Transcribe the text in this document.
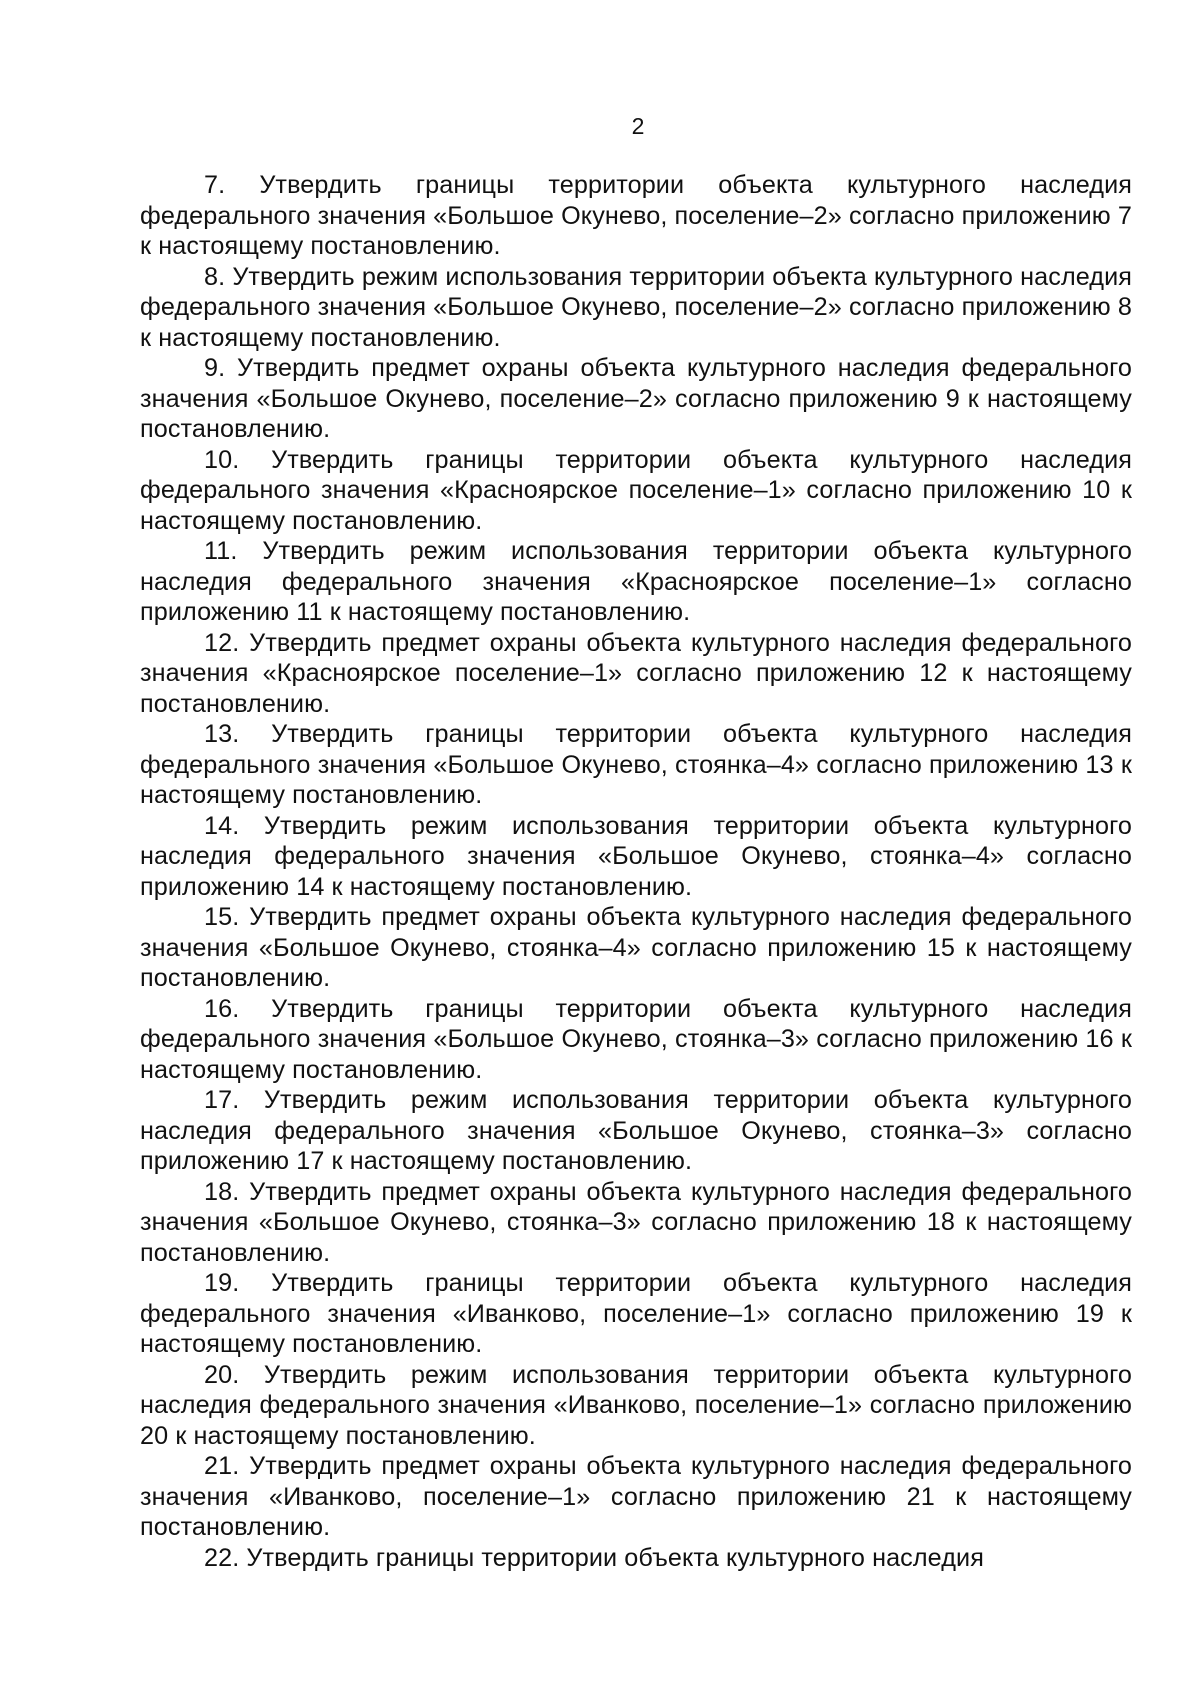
2

7. Утвердить границы территории объекта культурного наследия федерального значения «Большое Окунево, поселение–2» согласно приложению 7 к настоящему постановлению.

8. Утвердить режим использования территории объекта культурного наследия федерального значения «Большое Окунево, поселение–2» согласно приложению 8 к настоящему постановлению.

9. Утвердить предмет охраны объекта культурного наследия федерального значения «Большое Окунево, поселение–2» согласно приложению 9 к настоящему постановлению.

10. Утвердить границы территории объекта культурного наследия федерального значения «Красноярское поселение–1» согласно приложению 10 к настоящему постановлению.

11. Утвердить режим использования территории объекта культурного наследия федерального значения «Красноярское поселение–1» согласно приложению 11 к настоящему постановлению.

12. Утвердить предмет охраны объекта культурного наследия федерального значения «Красноярское поселение–1» согласно приложению 12 к настоящему постановлению.

13. Утвердить границы территории объекта культурного наследия федерального значения «Большое Окунево, стоянка–4» согласно приложению 13 к настоящему постановлению.

14. Утвердить режим использования территории объекта культурного наследия федерального значения «Большое Окунево, стоянка–4» согласно приложению 14 к настоящему постановлению.

15. Утвердить предмет охраны объекта культурного наследия федерального значения «Большое Окунево, стоянка–4» согласно приложению 15 к настоящему постановлению.

16. Утвердить границы территории объекта культурного наследия федерального значения «Большое Окунево, стоянка–3» согласно приложению 16 к настоящему постановлению.

17. Утвердить режим использования территории объекта культурного наследия федерального значения «Большое Окунево, стоянка–3» согласно приложению 17 к настоящему постановлению.

18. Утвердить предмет охраны объекта культурного наследия федерального значения «Большое Окунево, стоянка–3» согласно приложению 18 к настоящему постановлению.

19. Утвердить границы территории объекта культурного наследия федерального значения «Иванково, поселение–1» согласно приложению 19 к настоящему постановлению.

20. Утвердить режим использования территории объекта культурного наследия федерального значения «Иванково, поселение–1» согласно приложению 20 к настоящему постановлению.

21. Утвердить предмет охраны объекта культурного наследия федерального значения «Иванково, поселение–1» согласно приложению 21 к настоящему постановлению.

22. Утвердить границы территории объекта культурного наследия
